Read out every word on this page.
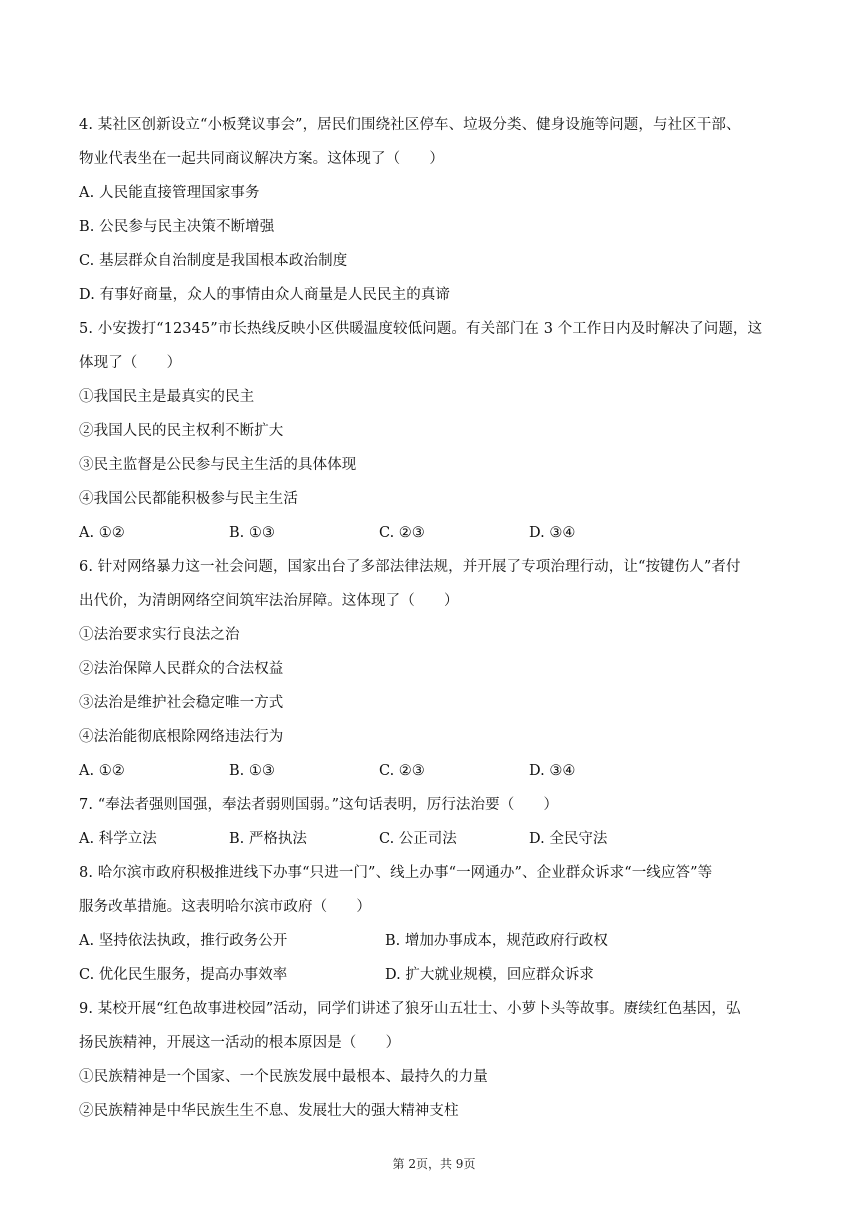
4. 某社区创新设立“小板凳议事会”，居民们围绕社区停车、垃圾分类、健身设施等问题，与社区干部、
物业代表坐在一起共同商议解决方案。这体现了（　　）
A. 人民能直接管理国家事务
B. 公民参与民主决策不断增强
C. 基层群众自治制度是我国根本政治制度
D. 有事好商量，众人的事情由众人商量是人民民主的真谛
5. 小安拨打“12345”市长热线反映小区供暖温度较低问题。有关部门在 3 个工作日内及时解决了问题，这
体现了（　　）
①我国民主是最真实的民主
②我国人民的民主权利不断扩大
③民主监督是公民参与民主生活的具体体现
④我国公民都能积极参与民主生活
A. ①②	B. ①③	C. ②③	D. ③④
6. 针对网络暴力这一社会问题，国家出台了多部法律法规，并开展了专项治理行动，让“按键伤人”者付
出代价，为清朗网络空间筑牢法治屏障。这体现了（　　）
①法治要求实行良法之治
②法治保障人民群众的合法权益
③法治是维护社会稳定唯一方式
④法治能彻底根除网络违法行为
A. ①②	B. ①③	C. ②③	D. ③④
7. “奉法者强则国强，奉法者弱则国弱。”这句话表明，厉行法治要（　　）
A. 科学立法	B. 严格执法	C. 公正司法	D. 全民守法
8. 哈尔滨市政府积极推进线下办事“只进一门”、线上办事“一网通办”、企业群众诉求“一线应答”等
服务改革措施。这表明哈尔滨市政府（　　）
A. 坚持依法执政，推行政务公开	B. 增加办事成本，规范政府行政权
C. 优化民生服务，提高办事效率	D. 扩大就业规模，回应群众诉求
9. 某校开展“红色故事进校园”活动，同学们讲述了狼牙山五壮士、小萝卜头等故事。赓续红色基因，弘
扬民族精神，开展这一活动的根本原因是（　　）
①民族精神是一个国家、一个民族发展中最根本、最持久的力量
②民族精神是中华民族生生不息、发展壮大的强大精神支柱
第 2页，共 9页
